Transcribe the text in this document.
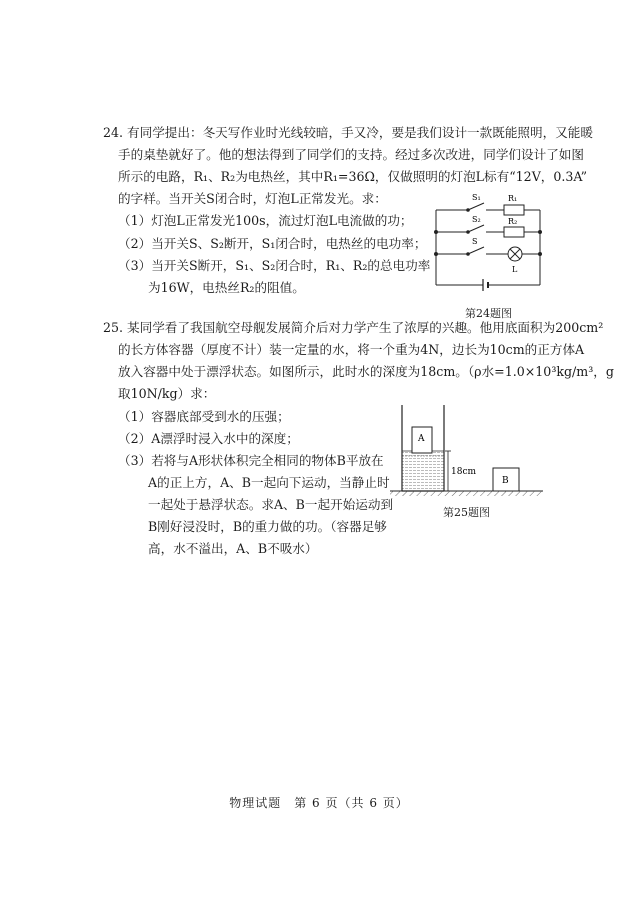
24. 有同学提出：冬天写作业时光线较暗，手又冷，要是我们设计一款既能照明，又能暖
手的桌垫就好了。他的想法得到了同学们的支持。经过多次改进，同学们设计了如图
所示的电路，R₁、R₂为电热丝，其中R₁=36Ω，仅做照明的灯泡L标有“12V，0.3A”
的字样。当开关S闭合时，灯泡L正常发光。求：
（1）灯泡L正常发光100s，流过灯泡L电流做的功；
（2）当开关S、S₂断开，S₁闭合时，电热丝的电功率；
（3）当开关S断开，S₁、S₂闭合时，R₁、R₂的总电功率
为16W，电热丝R₂的阻值。
S₁	R₁
S₂	R₂
S
L
第24题图
25. 某同学看了我国航空母舰发展简介后对力学产生了浓厚的兴趣。他用底面积为200cm²
的长方体容器（厚度不计）装一定量的水，将一个重为4N，边长为10cm的正方体A
放入容器中处于漂浮状态。如图所示，此时水的深度为18cm。（ρ水=1.0×10³kg/m³，g
取10N/kg）求：
（1）容器底部受到水的压强；
（2）A漂浮时浸入水中的深度；
（3）若将与A形状体积完全相同的物体B平放在
A的正上方，A、B一起向下运动，当静止时
一起处于悬浮状态。求A、B一起开始运动到
B刚好浸没时，B的重力做的功。（容器足够
高，水不溢出，A、B不吸水）
A
18cm
B
第25题图
物理试题　第 6 页（共 6 页）
